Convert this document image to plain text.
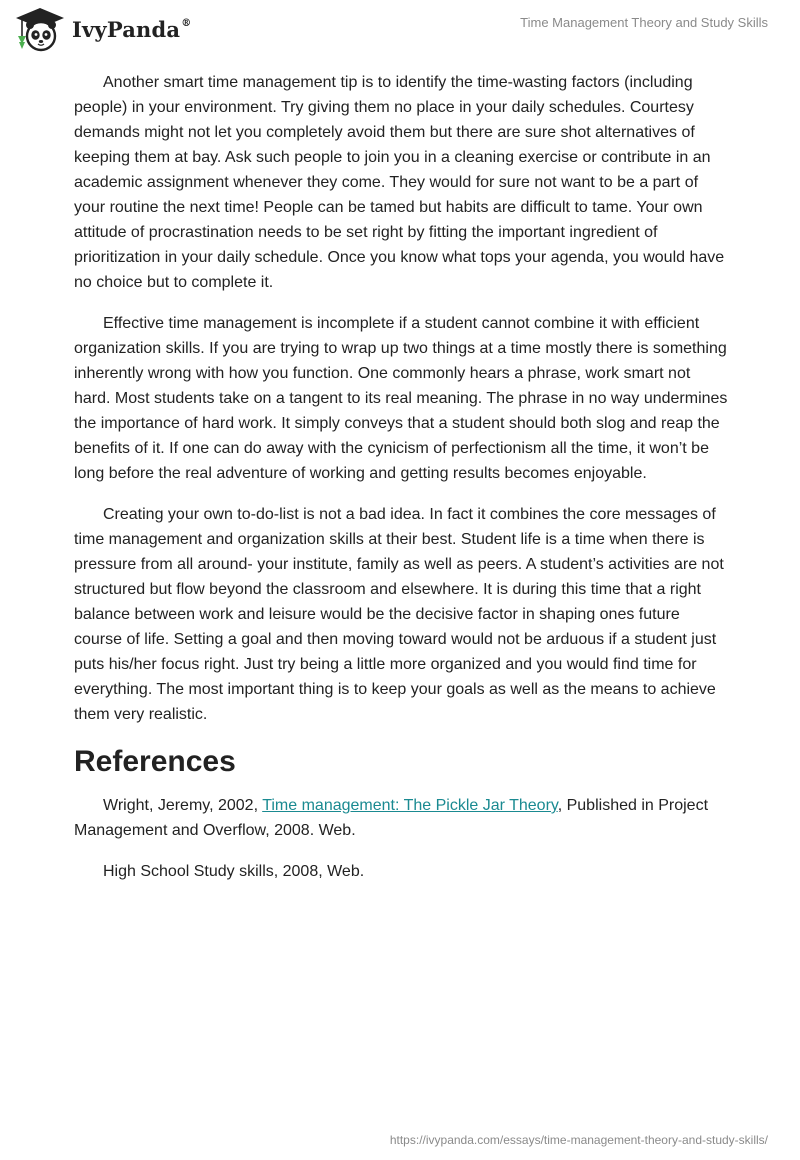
IvyPanda®	Time Management Theory and Study Skills

Another smart time management tip is to identify the time-wasting factors (including people) in your environment. Try giving them no place in your daily schedules. Courtesy demands might not let you completely avoid them but there are sure shot alternatives of keeping them at bay. Ask such people to join you in a cleaning exercise or contribute in an academic assignment whenever they come. They would for sure not want to be a part of your routine the next time! People can be tamed but habits are difficult to tame. Your own attitude of procrastination needs to be set right by fitting the important ingredient of prioritization in your daily schedule. Once you know what tops your agenda, you would have no choice but to complete it.

Effective time management is incomplete if a student cannot combine it with efficient organization skills. If you are trying to wrap up two things at a time mostly there is something inherently wrong with how you function. One commonly hears a phrase, work smart not hard. Most students take on a tangent to its real meaning. The phrase in no way undermines the importance of hard work. It simply conveys that a student should both slog and reap the benefits of it. If one can do away with the cynicism of perfectionism all the time, it won’t be long before the real adventure of working and getting results becomes enjoyable.

Creating your own to-do-list is not a bad idea. In fact it combines the core messages of time management and organization skills at their best. Student life is a time when there is pressure from all around- your institute, family as well as peers. A student’s activities are not structured but flow beyond the classroom and elsewhere. It is during this time that a right balance between work and leisure would be the decisive factor in shaping ones future course of life. Setting a goal and then moving toward would not be arduous if a student just puts his/her focus right. Just try being a little more organized and you would find time for everything. The most important thing is to keep your goals as well as the means to achieve them very realistic.

References

Wright, Jeremy, 2002, Time management: The Pickle Jar Theory, Published in Project Management and Overflow, 2008. Web.

High School Study skills, 2008, Web.

https://ivypanda.com/essays/time-management-theory-and-study-skills/
